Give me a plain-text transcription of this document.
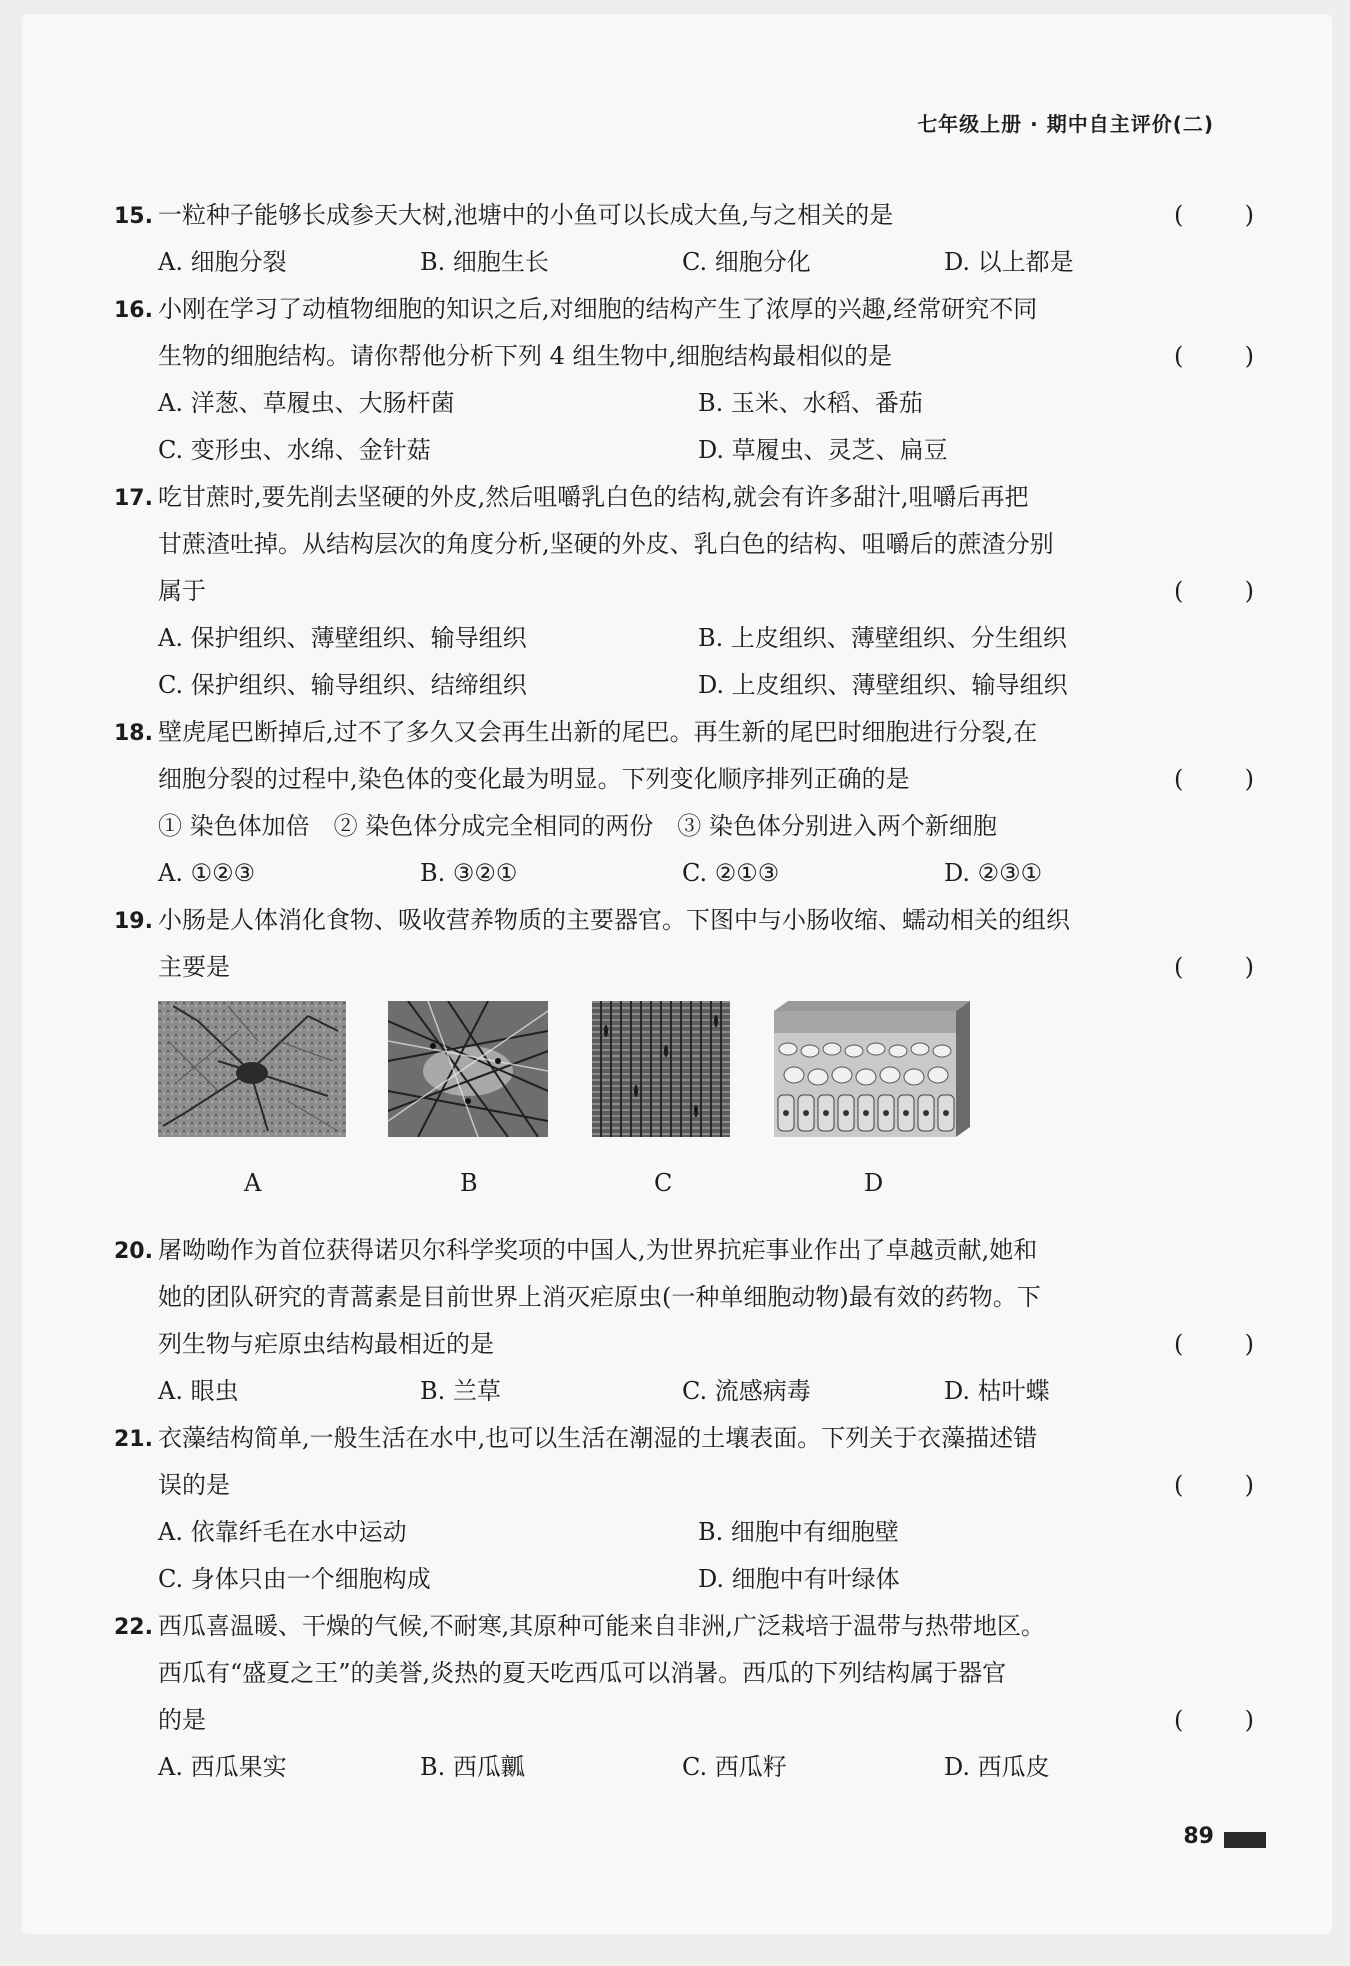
七年级上册 · 期中自主评价(二)
15. 一粒种子能够长成参天大树,池塘中的小鱼可以长成大鱼,与之相关的是	(	)
A. 细胞分裂	B. 细胞生长	C. 细胞分化	D. 以上都是
16. 小刚在学习了动植物细胞的知识之后,对细胞的结构产生了浓厚的兴趣,经常研究不同
生物的细胞结构。请你帮他分析下列 4 组生物中,细胞结构最相似的是	(	)
A. 洋葱、草履虫、大肠杆菌	B. 玉米、水稻、番茄
C. 变形虫、水绵、金针菇	D. 草履虫、灵芝、扁豆
17. 吃甘蔗时,要先削去坚硬的外皮,然后咀嚼乳白色的结构,就会有许多甜汁,咀嚼后再把
甘蔗渣吐掉。从结构层次的角度分析,坚硬的外皮、乳白色的结构、咀嚼后的蔗渣分别
属于	(	)
A. 保护组织、薄壁组织、输导组织	B. 上皮组织、薄壁组织、分生组织
C. 保护组织、输导组织、结缔组织	D. 上皮组织、薄壁组织、输导组织
18. 壁虎尾巴断掉后,过不了多久又会再生出新的尾巴。再生新的尾巴时细胞进行分裂,在
细胞分裂的过程中,染色体的变化最为明显。下列变化顺序排列正确的是	(	)
① 染色体加倍　② 染色体分成完全相同的两份　③ 染色体分别进入两个新细胞
A. ①②③	B. ③②①	C. ②①③	D. ②③①
19. 小肠是人体消化食物、吸收营养物质的主要器官。下图中与小肠收缩、蠕动相关的组织
主要是	(	)
A	B	C	D
20. 屠呦呦作为首位获得诺贝尔科学奖项的中国人,为世界抗疟事业作出了卓越贡献,她和
她的团队研究的青蒿素是目前世界上消灭疟原虫(一种单细胞动物)最有效的药物。下
列生物与疟原虫结构最相近的是	(	)
A. 眼虫	B. 兰草	C. 流感病毒	D. 枯叶蝶
21. 衣藻结构简单,一般生活在水中,也可以生活在潮湿的土壤表面。下列关于衣藻描述错
误的是	(	)
A. 依靠纤毛在水中运动	B. 细胞中有细胞壁
C. 身体只由一个细胞构成	D. 细胞中有叶绿体
22. 西瓜喜温暖、干燥的气候,不耐寒,其原种可能来自非洲,广泛栽培于温带与热带地区。
西瓜有“盛夏之王”的美誉,炎热的夏天吃西瓜可以消暑。西瓜的下列结构属于器官
的是	(	)
A. 西瓜果实	B. 西瓜瓤	C. 西瓜籽	D. 西瓜皮
89
